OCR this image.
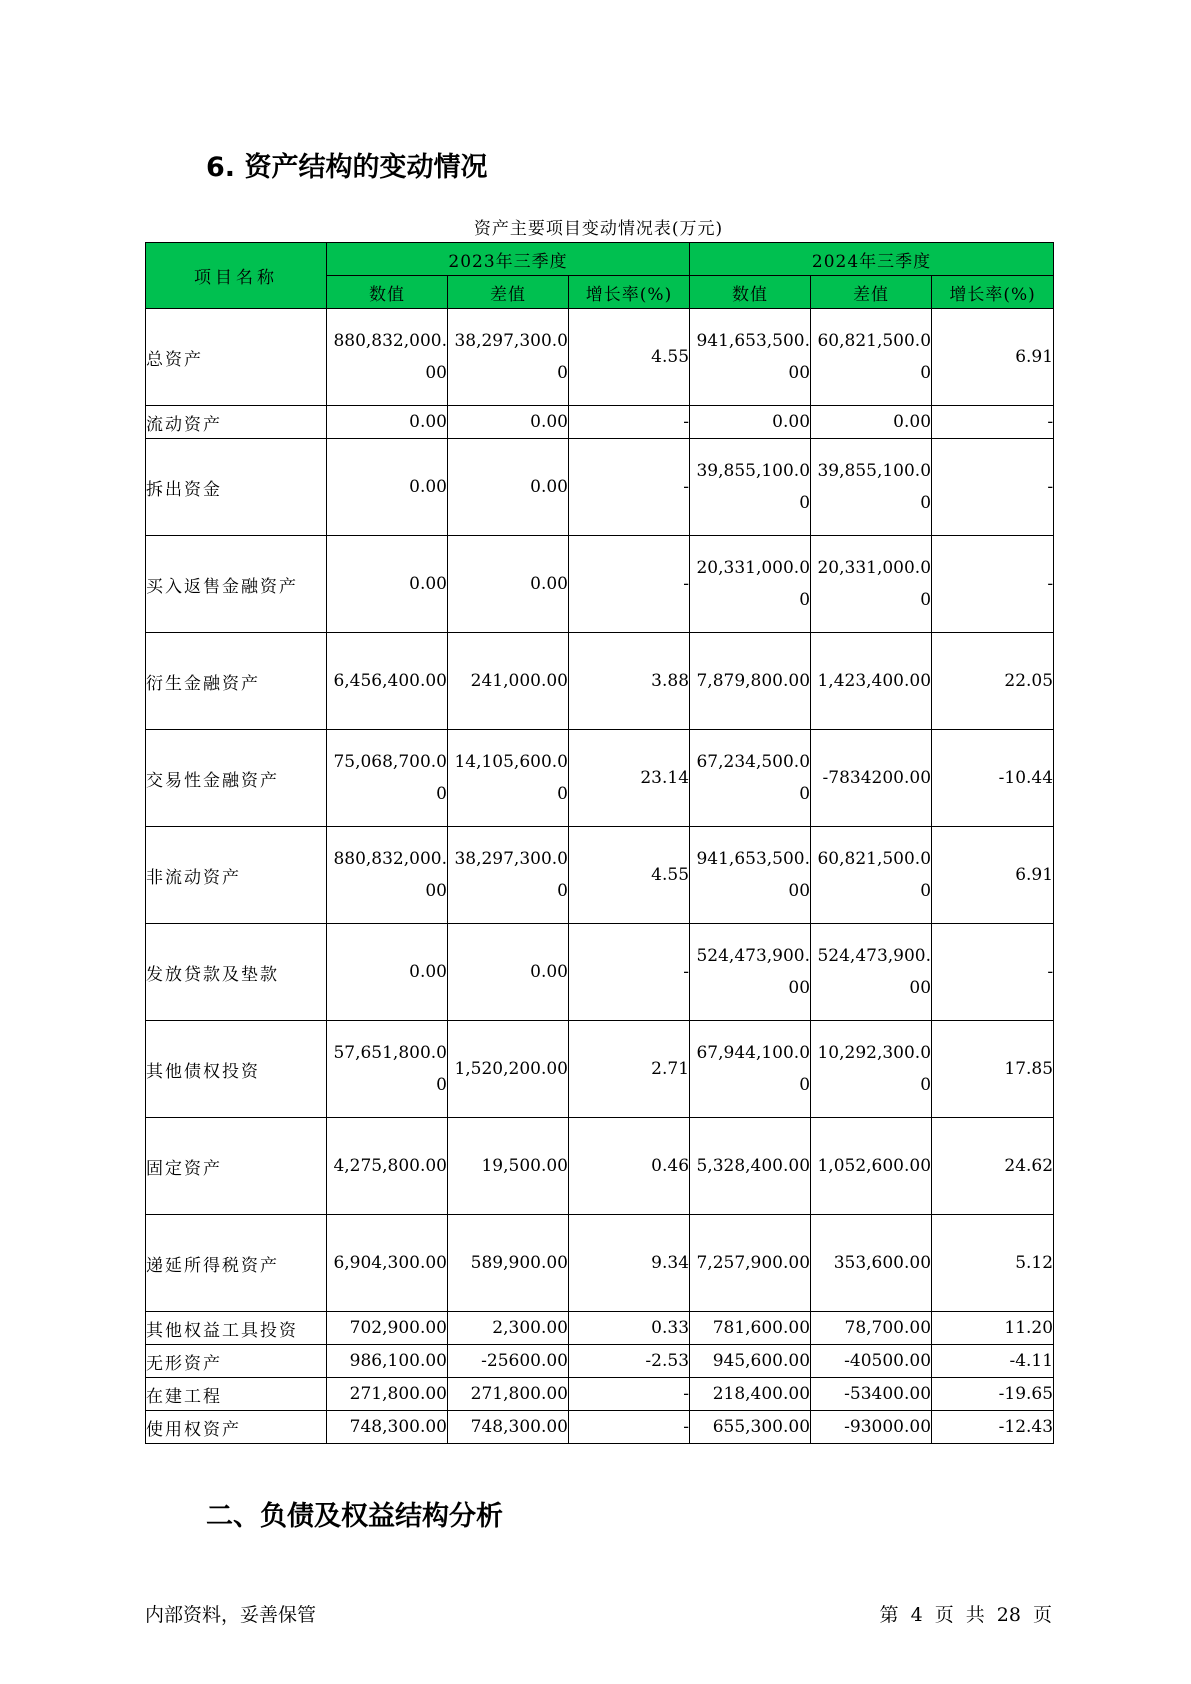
6. 资产结构的变动情况

资产主要项目变动情况表(万元)

项目名称	2023年三季度			2024年三季度		
	数值	差值	增长率(%)	数值	差值	增长率(%)
总资产	880,832,000.00	38,297,300.00	4.55	941,653,500.00	60,821,500.00	6.91

流动资产	0.00	0.00	-	0.00	0.00	-

拆出资金	0.00	0.00	-	39,855,100.00	39,855,100.00	-

买入返售金融资产	0.00	0.00	-	20,331,000.00	20,331,000.00	-

衍生金融资产	6,456,400.00	241,000.00	3.88	7,879,800.00	1,423,400.00	22.05

交易性金融资产	75,068,700.00	14,105,600.00	23.14	67,234,500.00	-7834200.00	-10.44

非流动资产	880,832,000.00	38,297,300.00	4.55	941,653,500.00	60,821,500.00	6.91

发放贷款及垫款	0.00	0.00	-	524,473,900.00	524,473,900.00	-

其他债权投资	57,651,800.00	1,520,200.00	2.71	67,944,100.00	10,292,300.00	17.85

固定资产	4,275,800.00	19,500.00	0.46	5,328,400.00	1,052,600.00	24.62

递延所得税资产	6,904,300.00	589,900.00	9.34	7,257,900.00	353,600.00	5.12

其他权益工具投资	702,900.00	2,300.00	0.33	781,600.00	78,700.00	11.20

无形资产	986,100.00	-25600.00	-2.53	945,600.00	-40500.00	-4.11

在建工程	271,800.00	271,800.00	-	218,400.00	-53400.00	-19.65

使用权资产	748,300.00	748,300.00	-	655,300.00	-93000.00	-12.43
二、负债及权益结构分析

内部资料，妥善保管	第 4 页 共 28 页
